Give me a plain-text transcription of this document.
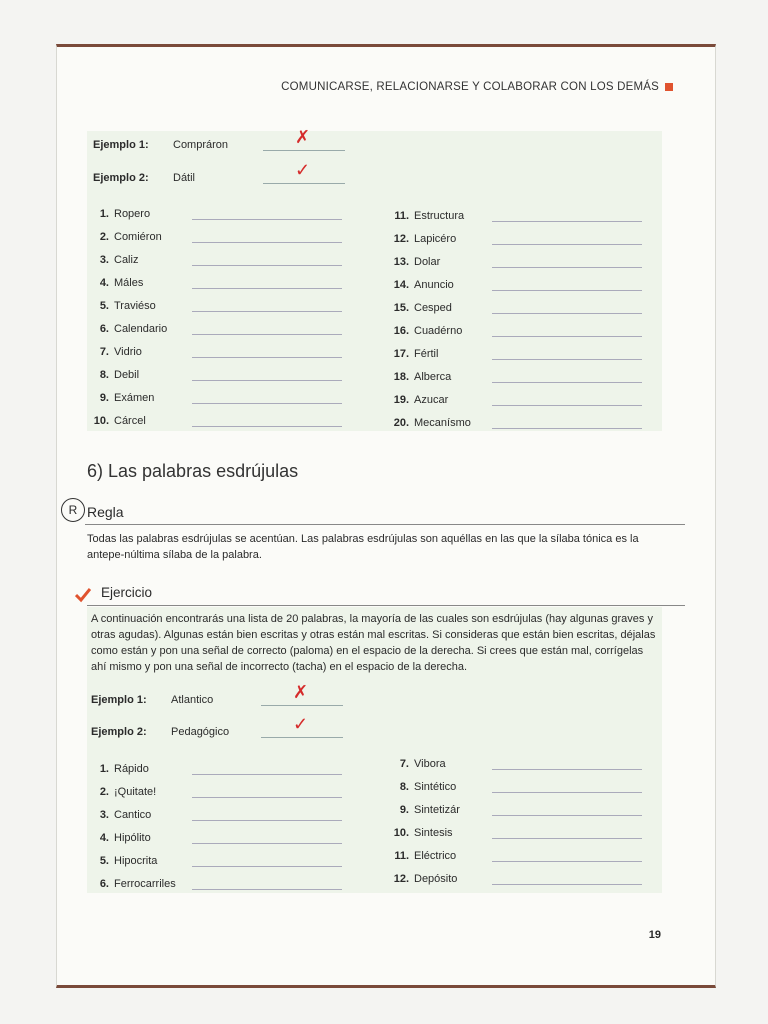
COMUNICARSE, RELACIONARSE Y COLABORAR CON LOS DEMÁS
Ejemplo 1:	Compráron	✗
Ejemplo 2:	Dátil	✓
1. Ropero
2. Comiéron
3. Caliz
4. Máles
5. Traviéso
6. Calendario
7. Vidrio
8. Debil
9. Exámen
10. Cárcel
11. Estructura
12. Lapicéro
13. Dolar
14. Anuncio
15. Cesped
16. Cuadérno
17. Fértil
18. Alberca
19. Azucar
20. Mecanísmo
6) Las palabras esdrújulas
R Regla
Todas las palabras esdrújulas se acentúan. Las palabras esdrújulas son aquéllas en las que la sílaba tónica es la antepe-núltima sílaba de la palabra.
Ejercicio
A continuación encontrarás una lista de 20 palabras, la mayoría de las cuales son esdrújulas (hay algunas graves y otras agudas). Algunas están bien escritas y otras están mal escritas. Si consideras que están bien escritas, déjalas como están y pon una señal de correcto (paloma) en el espacio de la derecha. Si crees que están mal, corrígelas ahí mismo y pon una señal de incorrecto (tacha) en el espacio de la derecha.
Ejemplo 1:	Atlantico	✗
Ejemplo 2:	Pedagógico	✓
1. Rápido
2. ¡Quitate!
3. Cantico
4. Hipólito
5. Hipocrita
6. Ferrocarriles
7. Vibora
8. Sintético
9. Sintetizár
10. Sintesis
11. Eléctrico
12. Depósito
19
